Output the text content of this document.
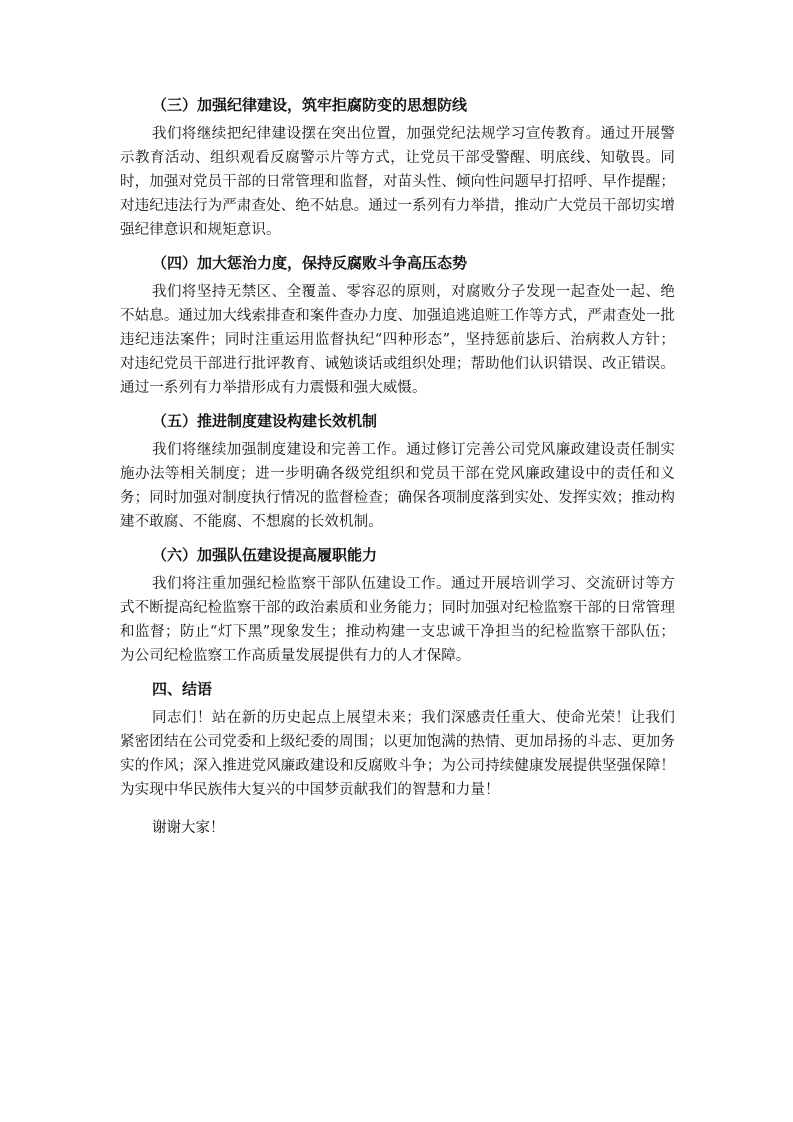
（三）加强纪律建设，筑牢拒腐防变的思想防线

我们将继续把纪律建设摆在突出位置，加强党纪法规学习宣传教育。通过开展警示教育活动、组织观看反腐警示片等方式，让党员干部受警醒、明底线、知敬畏。同时，加强对党员干部的日常管理和监督，对苗头性、倾向性问题早打招呼、早作提醒；对违纪违法行为严肃查处、绝不姑息。通过一系列有力举措，推动广大党员干部切实增强纪律意识和规矩意识。

（四）加大惩治力度，保持反腐败斗争高压态势

我们将坚持无禁区、全覆盖、零容忍的原则，对腐败分子发现一起查处一起、绝不姑息。通过加大线索排查和案件查办力度、加强追逃追赃工作等方式，严肃查处一批违纪违法案件；同时注重运用监督执纪“四种形态”，坚持惩前毖后、治病救人方针；对违纪党员干部进行批评教育、诫勉谈话或组织处理；帮助他们认识错误、改正错误。通过一系列有力举措形成有力震慑和强大威慑。

（五）推进制度建设构建长效机制

我们将继续加强制度建设和完善工作。通过修订完善公司党风廉政建设责任制实施办法等相关制度；进一步明确各级党组织和党员干部在党风廉政建设中的责任和义务；同时加强对制度执行情况的监督检查；确保各项制度落到实处、发挥实效；推动构建不敢腐、不能腐、不想腐的长效机制。

（六）加强队伍建设提高履职能力

我们将注重加强纪检监察干部队伍建设工作。通过开展培训学习、交流研讨等方式不断提高纪检监察干部的政治素质和业务能力；同时加强对纪检监察干部的日常管理和监督；防止“灯下黑”现象发生；推动构建一支忠诚干净担当的纪检监察干部队伍；为公司纪检监察工作高质量发展提供有力的人才保障。

四、结语

同志们！站在新的历史起点上展望未来；我们深感责任重大、使命光荣！让我们紧密团结在公司党委和上级纪委的周围；以更加饱满的热情、更加昂扬的斗志、更加务实的作风；深入推进党风廉政建设和反腐败斗争；为公司持续健康发展提供坚强保障！为实现中华民族伟大复兴的中国梦贡献我们的智慧和力量！

谢谢大家！
